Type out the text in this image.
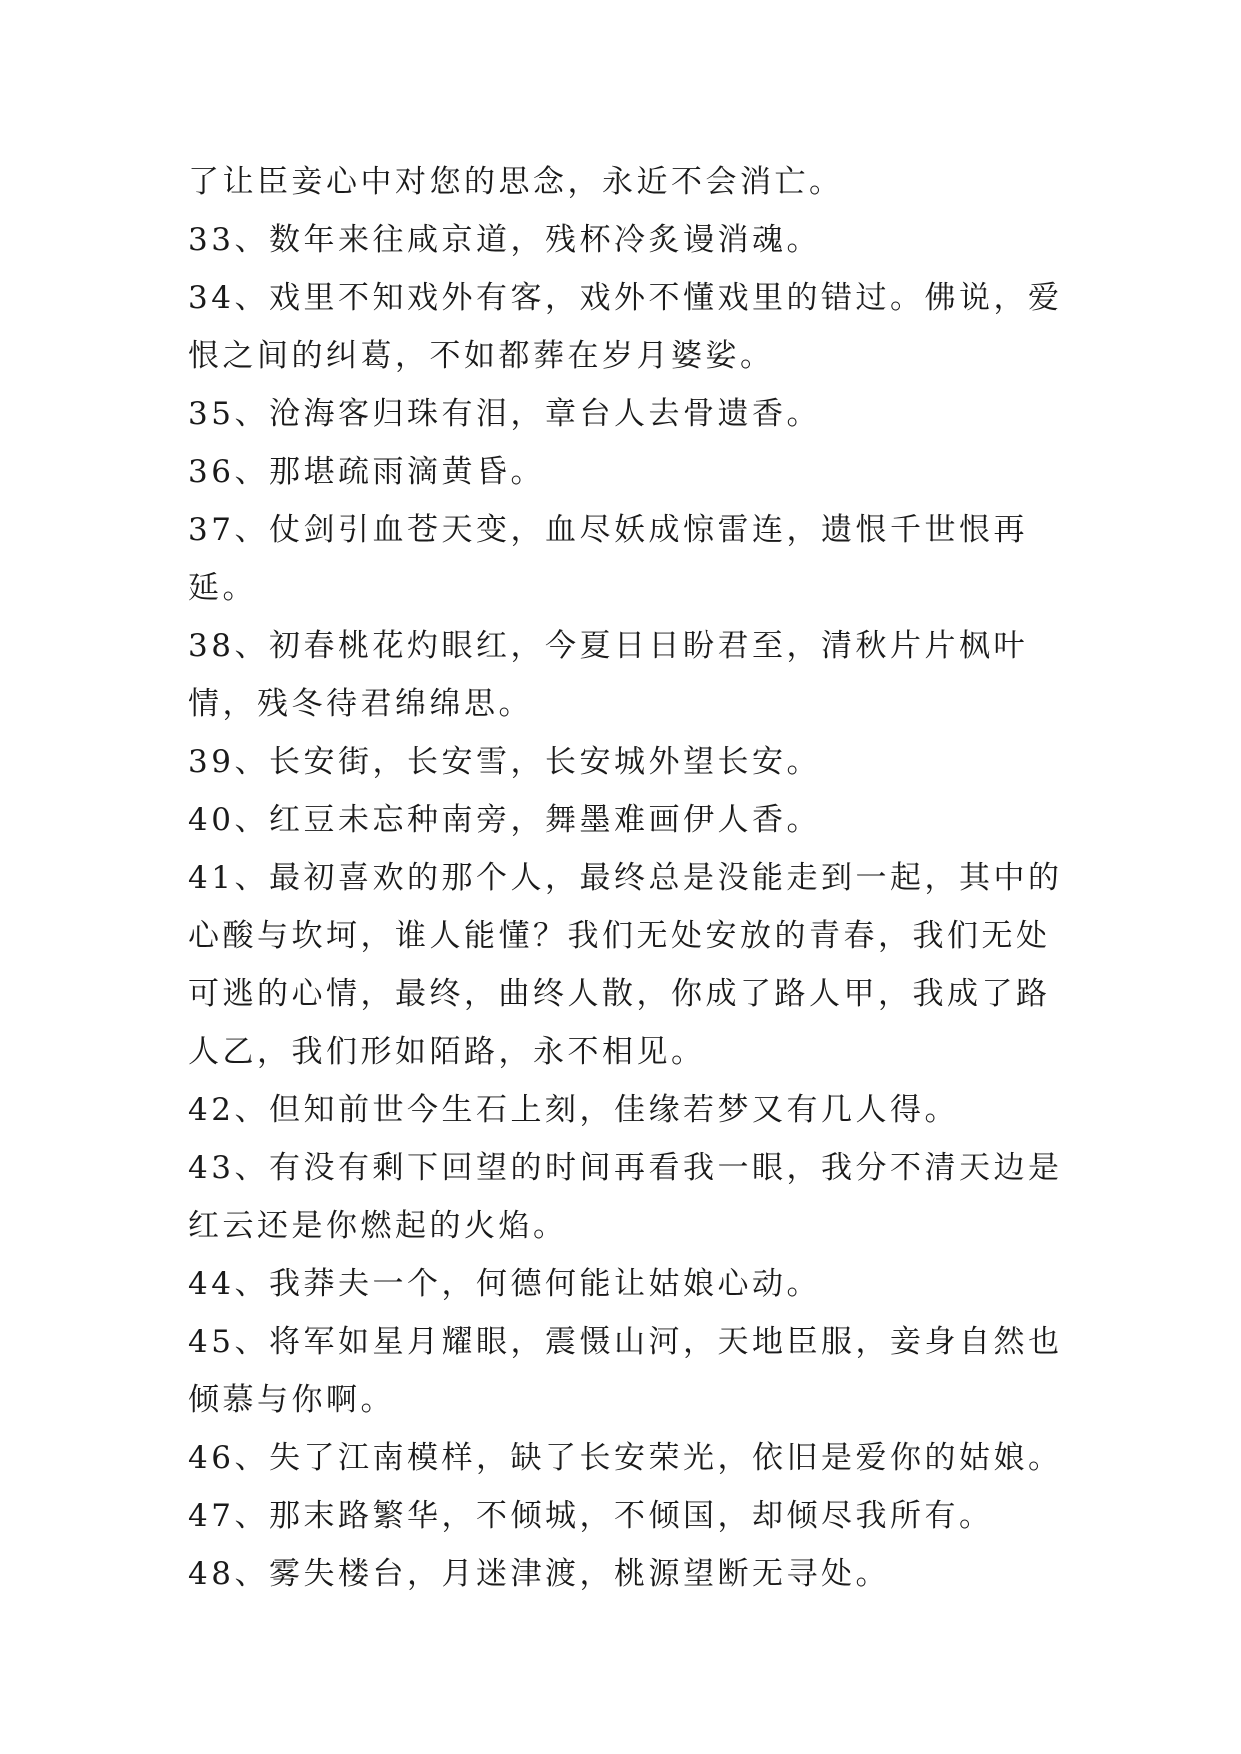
了让臣妾心中对您的思念，永近不会消亡。

33、数年来往咸京道，残杯冷炙谩消魂。

34、戏里不知戏外有客，戏外不懂戏里的错过。佛说，爱恨之间的纠葛，不如都葬在岁月婆娑。

35、沧海客归珠有泪，章台人去骨遗香。

36、那堪疏雨滴黄昏。

37、仗剑引血苍天变，血尽妖成惊雷连，遗恨千世恨再延。

38、初春桃花灼眼红，今夏日日盼君至，清秋片片枫叶情，残冬待君绵绵思。

39、长安街，长安雪，长安城外望长安。

40、红豆未忘种南旁，舞墨难画伊人香。

41、最初喜欢的那个人，最终总是没能走到一起，其中的心酸与坎坷，谁人能懂？我们无处安放的青春，我们无处可逃的心情，最终，曲终人散，你成了路人甲，我成了路人乙，我们形如陌路，永不相见。

42、但知前世今生石上刻，佳缘若梦又有几人得。

43、有没有剩下回望的时间再看我一眼，我分不清天边是红云还是你燃起的火焰。

44、我莽夫一个，何德何能让姑娘心动。

45、将军如星月耀眼，震慑山河，天地臣服，妾身自然也倾慕与你啊。

46、失了江南模样，缺了长安荣光，依旧是爱你的姑娘。

47、那末路繁华，不倾城，不倾国，却倾尽我所有。

48、雾失楼台，月迷津渡，桃源望断无寻处。
